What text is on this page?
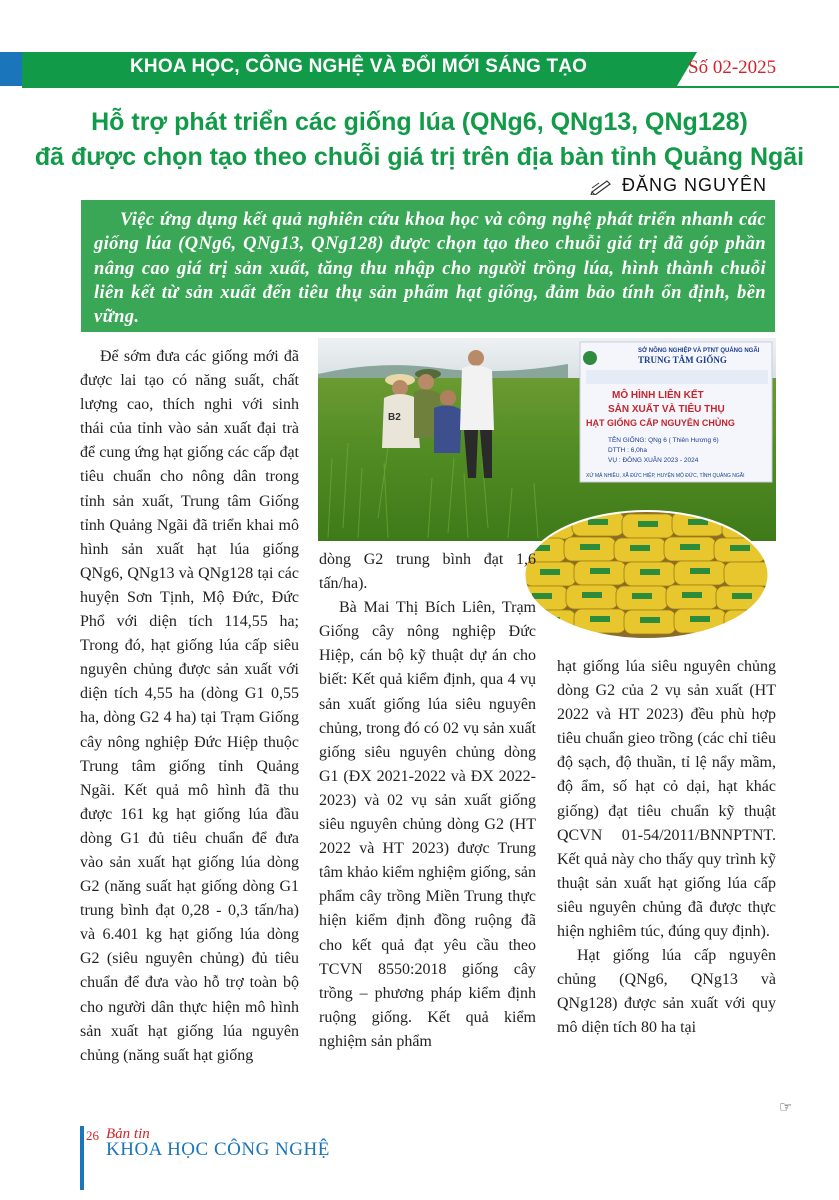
KHOA HỌC, CÔNG NGHỆ VÀ ĐỔI MỚI SÁNG TẠO	Số 02-2025
Hỗ trợ phát triển các giống lúa (QNg6, QNg13, QNg128)
đã được chọn tạo theo chuỗi giá trị trên địa bàn tỉnh Quảng Ngãi
ĐĂNG NGUYÊN
Việc ứng dụng kết quả nghiên cứu khoa học và công nghệ phát triển nhanh các giống lúa (QNg6, QNg13, QNg128) được chọn tạo theo chuỗi giá trị đã góp phần nâng cao giá trị sản xuất, tăng thu nhập cho người trồng lúa, hình thành chuỗi liên kết từ sản xuất đến tiêu thụ sản phẩm hạt giống, đảm bảo tính ổn định, bền vững.
B2
SỞ NÔNG NGHIỆP VÀ PTNT QUẢNG NGÃI
TRUNG TÂM GIỐNG
MÔ HÌNH LIÊN KẾT
SẢN XUẤT VÀ TIÊU THỤ
HẠT GIỐNG CẤP NGUYÊN CHỦNG
TÊN GIỐNG: QNg 6 ( Thiên Hương 6)
DTTH : 6,0ha
VỤ : ĐÔNG XUÂN 2023 - 2024
XỨ MẢ NHIỀU, XÃ ĐỨC HIỆP, HUYỆN MỘ ĐỨC, TỈNH QUẢNG NGÃI

Để sớm đưa các giống mới đã được lai tạo có năng suất, chất lượng cao, thích nghi với sinh thái của tỉnh vào sản xuất đại trà để cung ứng hạt giống các cấp đạt tiêu chuẩn cho nông dân trong tỉnh sản xuất, Trung tâm Giống tỉnh Quảng Ngãi đã triển khai mô hình sản xuất hạt lúa giống QNg6, QNg13 và QNg128 tại các huyện Sơn Tịnh, Mộ Đức, Đức Phổ với diện tích 114,55 ha; Trong đó, hạt giống lúa cấp siêu nguyên chủng được sản xuất với diện tích 4,55 ha (dòng G1 0,55 ha, dòng G2 4 ha) tại Trạm Giống cây nông nghiệp Đức Hiệp thuộc Trung tâm giống tỉnh Quảng Ngãi. Kết quả mô hình đã thu được 161 kg hạt giống lúa đầu dòng G1 đủ tiêu chuẩn để đưa vào sản xuất hạt giống lúa dòng G2 (năng suất hạt giống dòng G1 trung bình đạt 0,28 - 0,3 tấn/ha) và 6.401 kg hạt giống lúa dòng G2 (siêu nguyên chủng) đủ tiêu chuẩn để đưa vào hỗ trợ toàn bộ cho người dân thực hiện mô hình sản xuất hạt giống lúa nguyên chủng (năng suất hạt giống

dòng G2 trung bình đạt 1,6 tấn/ha).

Bà Mai Thị Bích Liên, Trạm Giống cây nông nghiệp Đức Hiệp, cán bộ kỹ thuật dự án cho biết: Kết quả kiểm định, qua 4 vụ sản xuất giống lúa siêu nguyên chủng, trong đó có 02 vụ sản xuất giống siêu nguyên chủng dòng G1 (ĐX 2021-2022 và ĐX 2022-2023) và 02 vụ sản xuất giống siêu nguyên chủng dòng G2 (HT 2022 và HT 2023) được Trung tâm khảo kiểm nghiệm giống, sản phẩm cây trồng Miền Trung thực hiện kiểm định đồng ruộng đã cho kết quả đạt yêu cầu theo TCVN 8550:2018 giống cây trồng – phương pháp kiểm định ruộng giống. Kết quả kiểm nghiệm sản phẩm

hạt giống lúa siêu nguyên chủng dòng G2 của 2 vụ sản xuất (HT 2022 và HT 2023) đều phù hợp tiêu chuẩn gieo trồng (các chỉ tiêu độ sạch, độ thuần, tỉ lệ nẩy mầm, độ ẩm, số hạt cỏ dại, hạt khác giống) đạt tiêu chuẩn kỹ thuật QCVN 01-54/2011/BNNPTNT. Kết quả này cho thấy quy trình kỹ thuật sản xuất hạt giống lúa cấp siêu nguyên chủng đã được thực hiện nghiêm túc, đúng quy định).

Hạt giống lúa cấp nguyên chủng (QNg6, QNg13 và QNg128) được sản xuất với quy mô diện tích 80 ha tại

☞
26 Bản tin
KHOA HỌC CÔNG NGHỆ
